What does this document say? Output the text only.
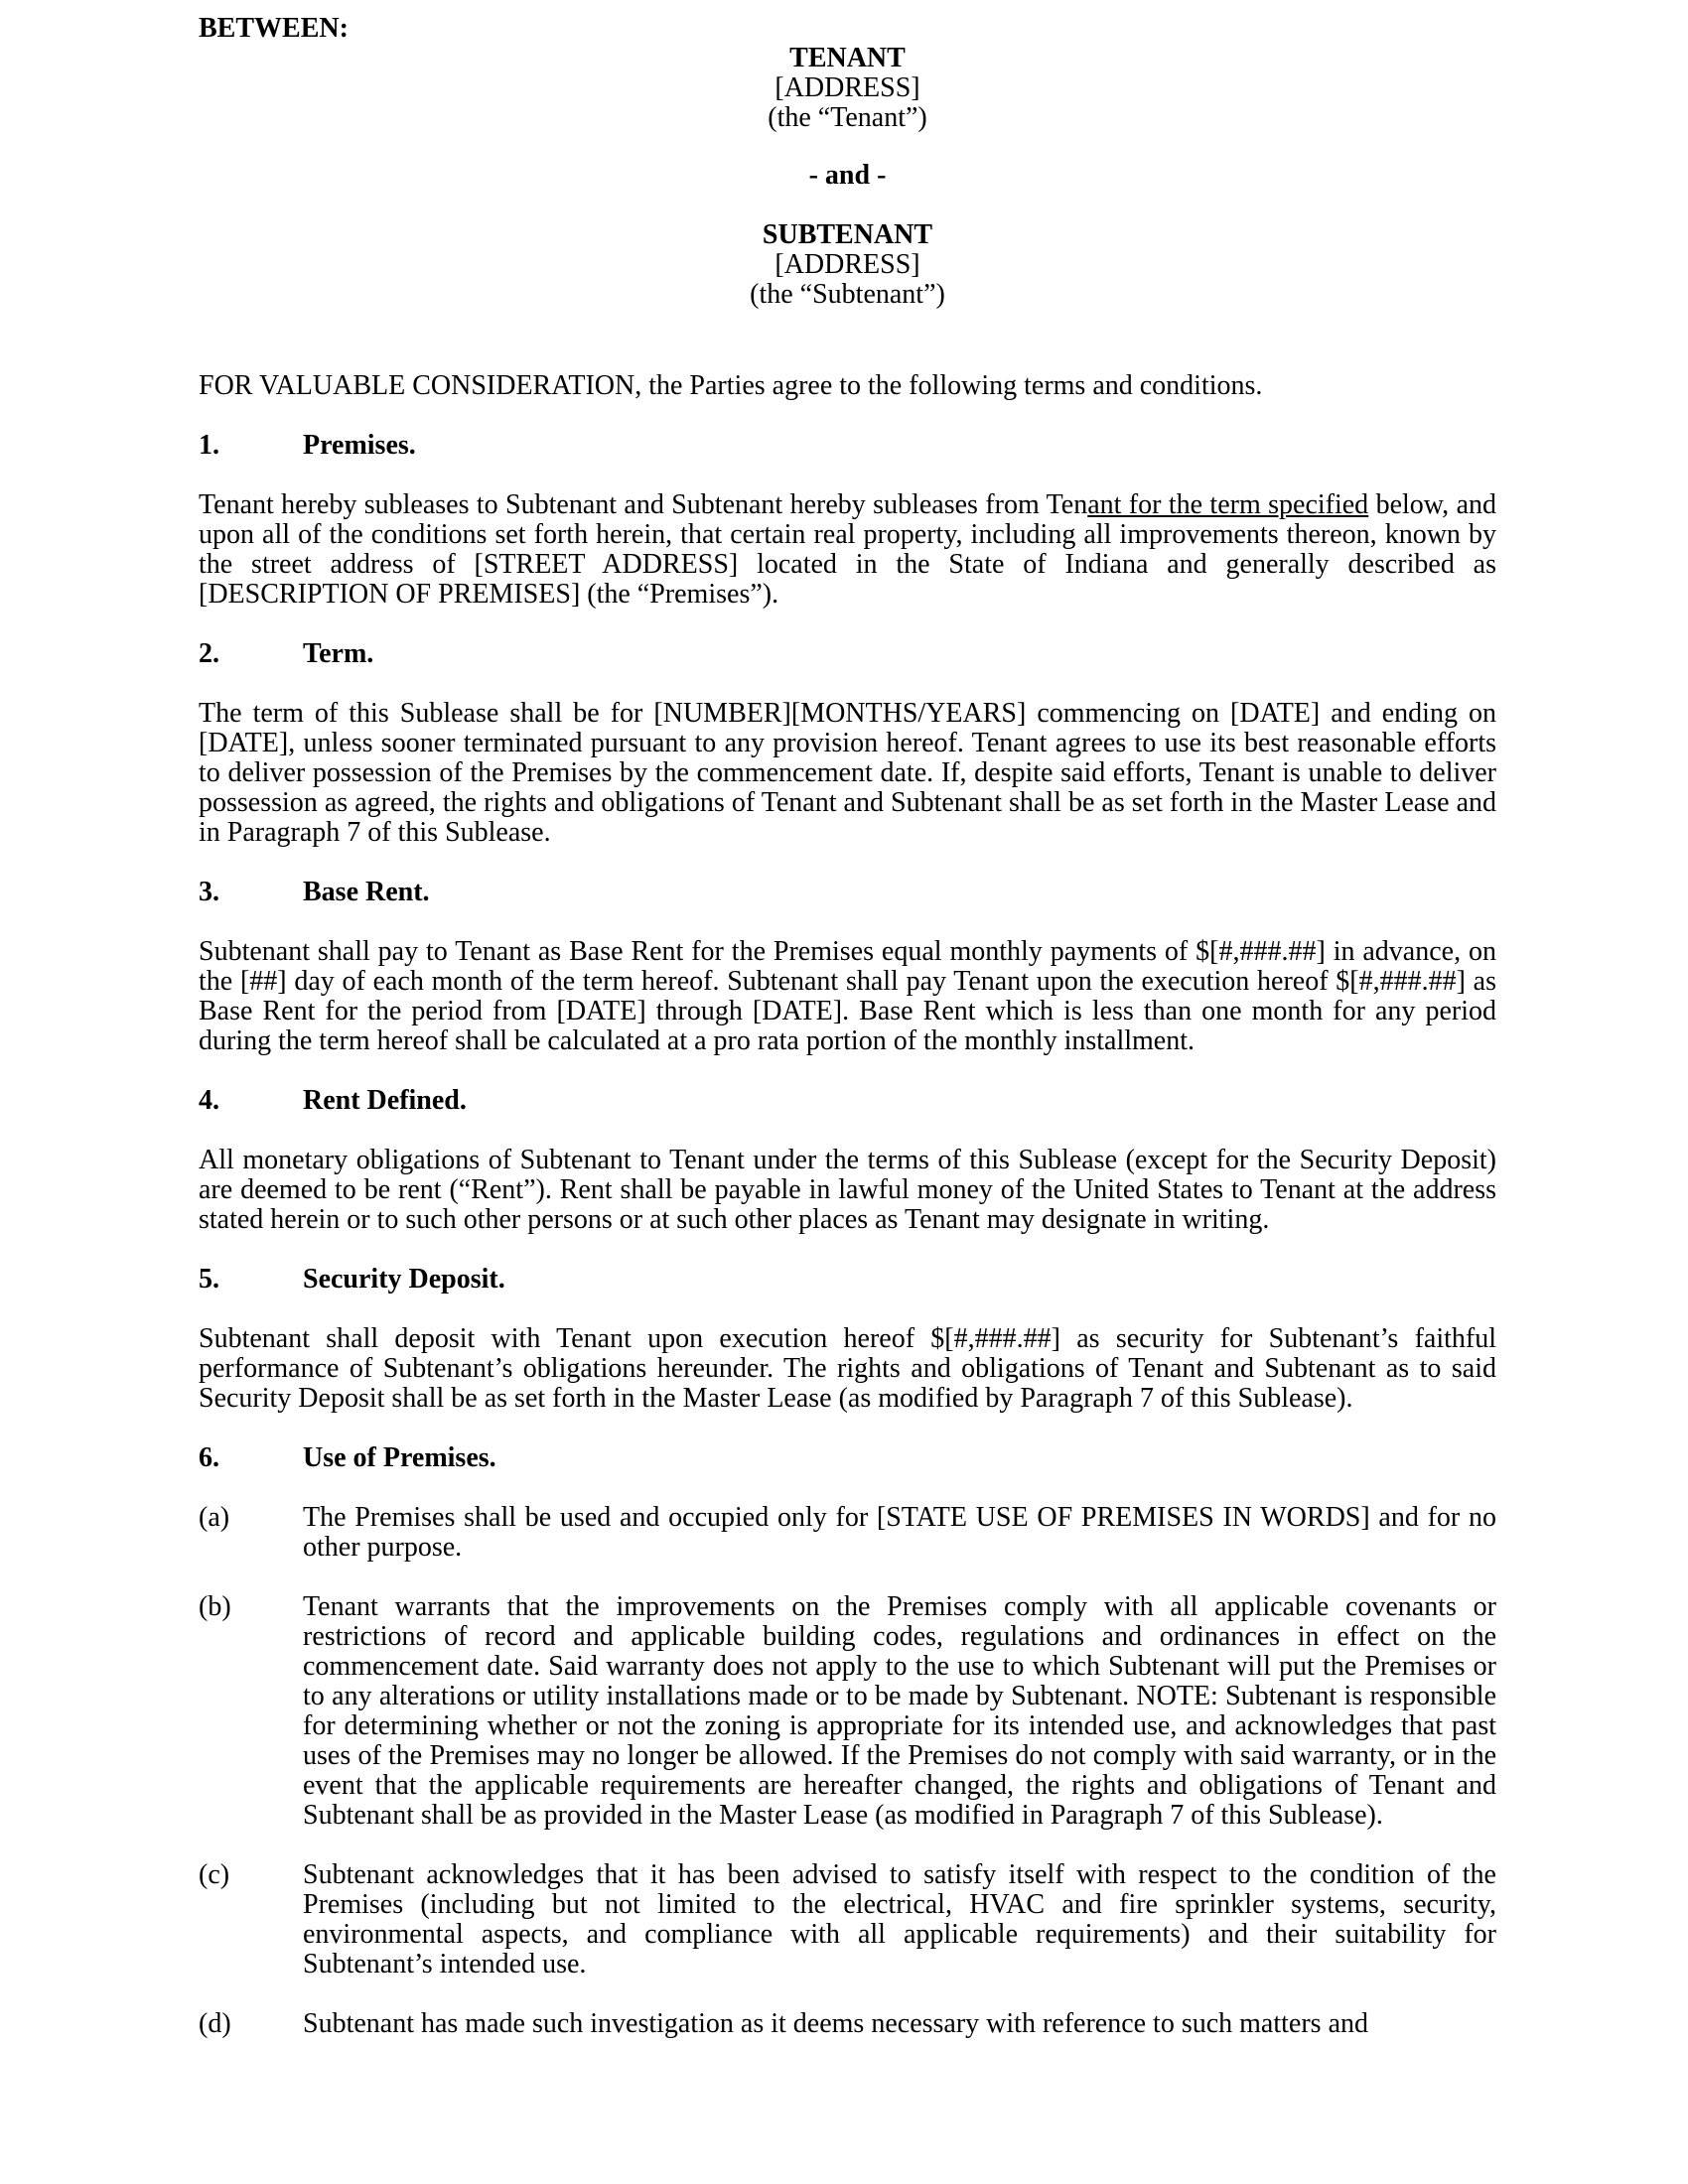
BETWEEN:

TENANT

[ADDRESS]

(the “Tenant”)

- and -

SUBTENANT

[ADDRESS]

(the “Subtenant”)

FOR VALUABLE CONSIDERATION, the Parties agree to the following terms and conditions.

1.	Premises.

Tenant hereby subleases to Subtenant and Subtenant hereby subleases from Tenant for the term specified below, and upon all of the conditions set forth herein, that certain real property, including all improvements thereon, known by the street address of [STREET ADDRESS] located in the State of Indiana and generally described as [DESCRIPTION OF PREMISES] (the “Premises”).

2.	Term.

The term of this Sublease shall be for [NUMBER][MONTHS/YEARS] commencing on [DATE] and ending on [DATE], unless sooner terminated pursuant to any provision hereof. Tenant agrees to use its best reasonable efforts to deliver possession of the Premises by the commencement date. If, despite said efforts, Tenant is unable to deliver possession as agreed, the rights and obligations of Tenant and Subtenant shall be as set forth in the Master Lease and in Paragraph 7 of this Sublease.

3.	Base Rent.

Subtenant shall pay to Tenant as Base Rent for the Premises equal monthly payments of $[#,###.##] in advance, on the [##] day of each month of the term hereof. Subtenant shall pay Tenant upon the execution hereof $[#,###.##] as Base Rent for the period from [DATE] through [DATE]. Base Rent which is less than one month for any period during the term hereof shall be calculated at a pro rata portion of the monthly installment.

4.	Rent Defined.

All monetary obligations of Subtenant to Tenant under the terms of this Sublease (except for the Security Deposit) are deemed to be rent (“Rent”). Rent shall be payable in lawful money of the United States to Tenant at the address stated herein or to such other persons or at such other places as Tenant may designate in writing.

5.	Security Deposit.

Subtenant shall deposit with Tenant upon execution hereof $[#,###.##] as security for Subtenant’s faithful performance of Subtenant’s obligations hereunder. The rights and obligations of Tenant and Subtenant as to said Security Deposit shall be as set forth in the Master Lease (as modified by Paragraph 7 of this Sublease).

6.	Use of Premises.

(a)	The Premises shall be used and occupied only for [STATE USE OF PREMISES IN WORDS] and for no other purpose.

(b)	Tenant warrants that the improvements on the Premises comply with all applicable covenants or restrictions of record and applicable building codes, regulations and ordinances in effect on the commencement date. Said warranty does not apply to the use to which Subtenant will put the Premises or to any alterations or utility installations made or to be made by Subtenant. NOTE: Subtenant is responsible for determining whether or not the zoning is appropriate for its intended use, and acknowledges that past uses of the Premises may no longer be allowed. If the Premises do not comply with said warranty, or in the event that the applicable requirements are hereafter changed, the rights and obligations of Tenant and Subtenant shall be as provided in the Master Lease (as modified in Paragraph 7 of this Sublease).

(c)	Subtenant acknowledges that it has been advised to satisfy itself with respect to the condition of the Premises (including but not limited to the electrical, HVAC and fire sprinkler systems, security, environmental aspects, and compliance with all applicable requirements) and their suitability for Subtenant’s intended use.

(d)	Subtenant has made such investigation as it deems necessary with reference to such matters and
